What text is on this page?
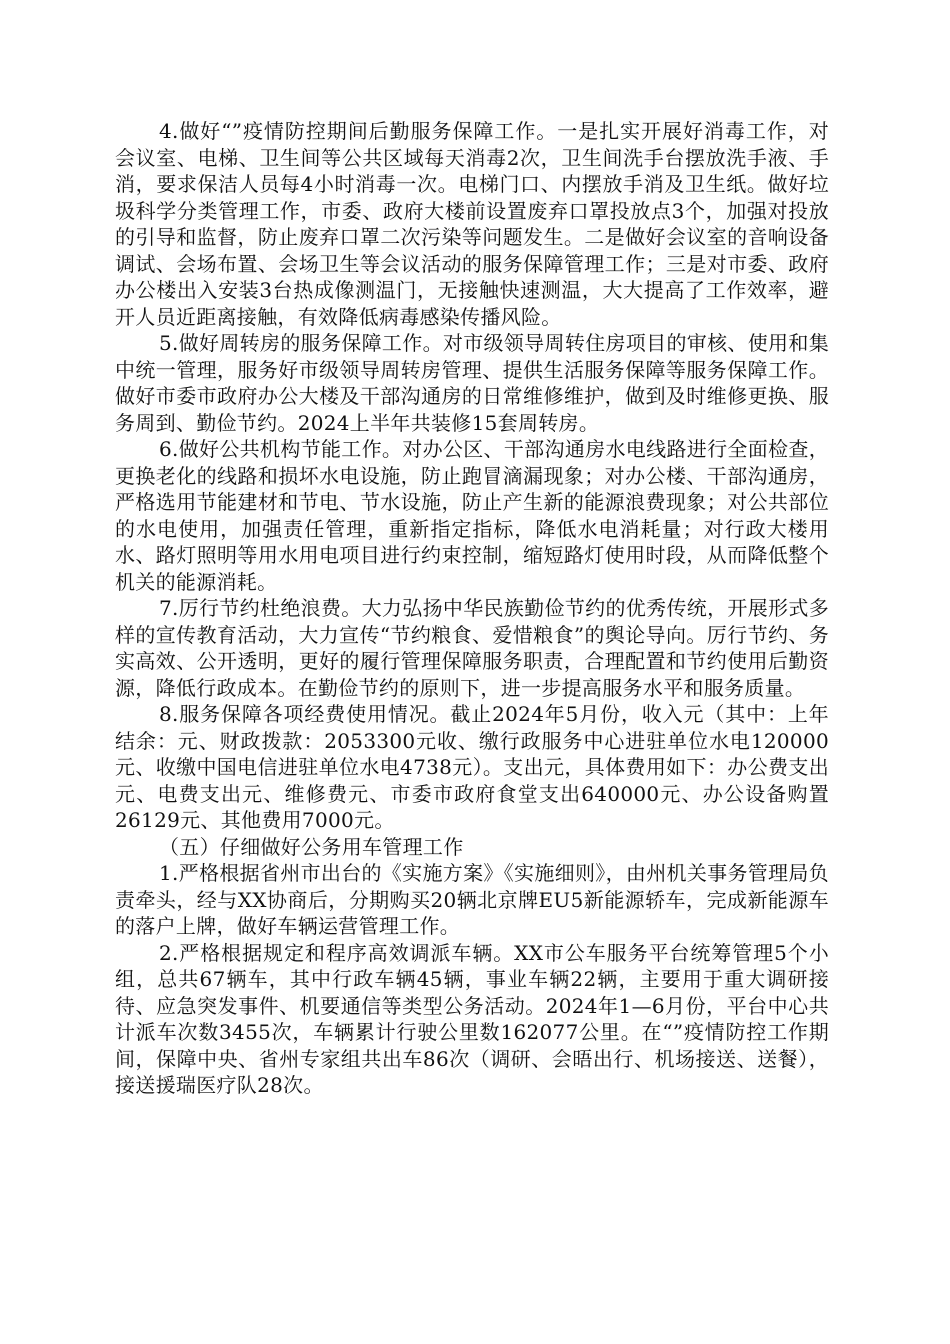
4.做好“”疫情防控期间后勤服务保障工作。一是扎实开展好消毒工作，对会议室、电梯、卫生间等公共区域每天消毒2次，卫生间洗手台摆放洗手液、手消，要求保洁人员每4小时消毒一次。电梯门口、内摆放手消及卫生纸。做好垃圾科学分类管理工作，市委、政府大楼前设置废弃口罩投放点3个，加强对投放的引导和监督，防止废弃口罩二次污染等问题发生。二是做好会议室的音响设备调试、会场布置、会场卫生等会议活动的服务保障管理工作；三是对市委、政府办公楼出入安装3台热成像测温门，无接触快速测温，大大提高了工作效率，避开人员近距离接触，有效降低病毒感染传播风险。

5.做好周转房的服务保障工作。对市级领导周转住房项目的审核、使用和集中统一管理，服务好市级领导周转房管理、提供生活服务保障等服务保障工作。做好市委市政府办公大楼及干部沟通房的日常维修维护，做到及时维修更换、服务周到、勤俭节约。2024上半年共装修15套周转房。

6.做好公共机构节能工作。对办公区、干部沟通房水电线路进行全面检查，更换老化的线路和损坏水电设施，防止跑冒滴漏现象；对办公楼、干部沟通房，严格选用节能建材和节电、节水设施，防止产生新的能源浪费现象；对公共部位的水电使用，加强责任管理，重新指定指标，降低水电消耗量；对行政大楼用水、路灯照明等用水用电项目进行约束控制，缩短路灯使用时段，从而降低整个机关的能源消耗。

7.厉行节约杜绝浪费。大力弘扬中华民族勤俭节约的优秀传统，开展形式多样的宣传教育活动，大力宣传“节约粮食、爱惜粮食”的舆论导向。厉行节约、务实高效、公开透明，更好的履行管理保障服务职责，合理配置和节约使用后勤资源，降低行政成本。在勤俭节约的原则下，进一步提高服务水平和服务质量。

8.服务保障各项经费使用情况。截止2024年5月份，收入元（其中：上年结余：元、财政拨款：2053300元收、缴行政服务中心进驻单位水电120000元、收缴中国电信进驻单位水电4738元）。支出元，具体费用如下：办公费支出元、电费支出元、维修费元、市委市政府食堂支出640000元、办公设备购置26129元、其他费用7000元。

（五）仔细做好公务用车管理工作

1.严格根据省州市出台的《实施方案》《实施细则》，由州机关事务管理局负责牵头，经与XX协商后，分期购买20辆北京牌EU5新能源轿车，完成新能源车的落户上牌，做好车辆运营管理工作。

2.严格根据规定和程序高效调派车辆。XX市公车服务平台统筹管理5个小组，总共67辆车，其中行政车辆45辆，事业车辆22辆，主要用于重大调研接待、应急突发事件、机要通信等类型公务活动。2024年1—6月份，平台中心共计派车次数3455次，车辆累计行驶公里数162077公里。在“”疫情防控工作期间，保障中央、省州专家组共出车86次（调研、会晤出行、机场接送、送餐），接送援瑞医疗队28次。
